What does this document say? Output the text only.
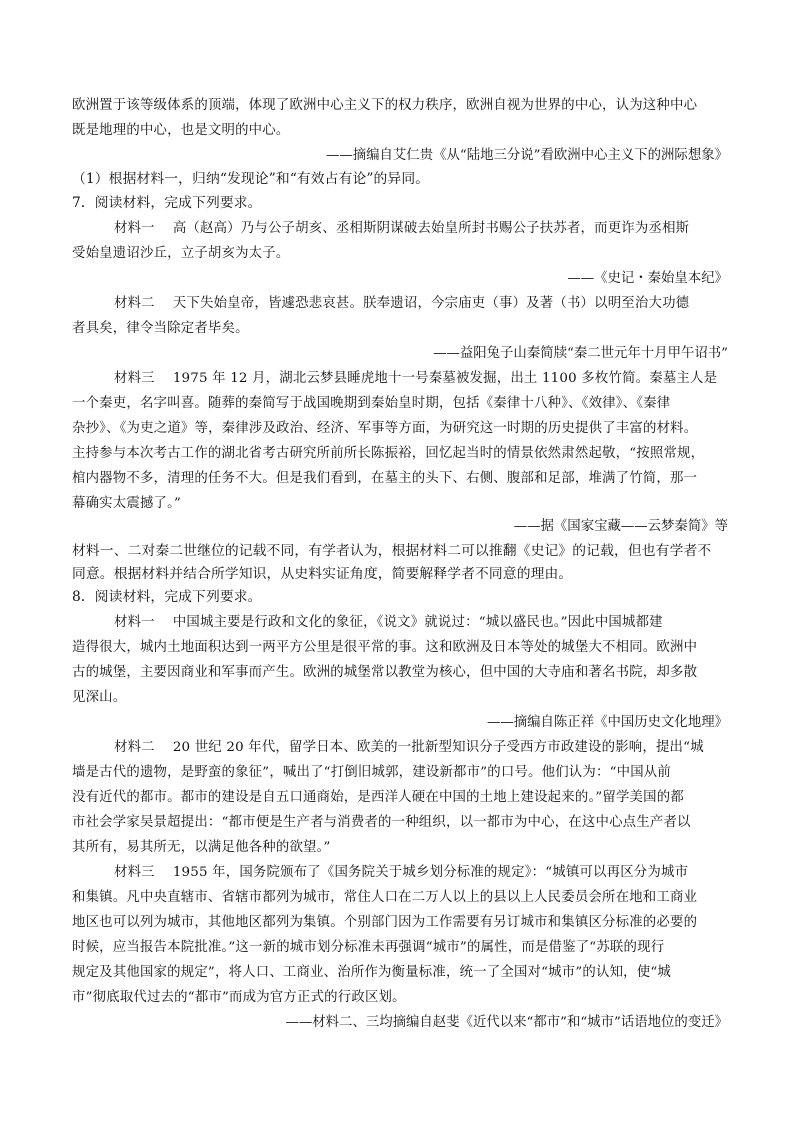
欧洲置于该等级体系的顶端，体现了欧洲中心主义下的权力秩序，欧洲自视为世界的中心，认为这种中心

既是地理的中心，也是文明的中心。

——摘编自艾仁贵《从“陆地三分说”看欧洲中心主义下的洲际想象》

（1）根据材料一，归纳“发现论”和“有效占有论”的异同。

7．阅读材料，完成下列要求。

材料一　 高（赵高）乃与公子胡亥、丞相斯阴谋破去始皇所封书赐公子扶苏者，而更诈为丞相斯

受始皇遗诏沙丘，立子胡亥为太子。

——《史记・秦始皇本纪》

材料二　 天下失始皇帝，皆遽恐悲哀甚。朕奉遗诏，今宗庙吏（事）及著（书）以明至治大功德

者具矣，律令当除定者毕矣。

——益阳兔子山秦简牍“秦二世元年十月甲午诏书”

材料三　 1975 年 12 月，湖北云梦县睡虎地十一号秦墓被发掘，出土 1100 多枚竹简。秦墓主人是

一个秦吏，名字叫喜。随葬的秦简写于战国晚期到秦始皇时期，包括《秦律十八种》、《效律》、《秦律

杂抄》、《为吏之道》等，秦律涉及政治、经济、军事等方面，为研究这一时期的历史提供了丰富的材料。

主持参与本次考古工作的湖北省考古研究所前所长陈振裕，回忆起当时的情景依然肃然起敬，“按照常规，

棺内器物不多，清理的任务不大。但是我们看到，在墓主的头下、右侧、腹部和足部，堆满了竹简，那一

幕确实太震撼了。”

——据《国家宝藏——云梦秦简》等

材料一、二对秦二世继位的记载不同，有学者认为，根据材料二可以推翻《史记》的记载，但也有学者不

同意。根据材料并结合所学知识，从史料实证角度，简要解释学者不同意的理由。

8．阅读材料，完成下列要求。

材料一　 中国城主要是行政和文化的象征，《说文》就说过：“城以盛民也。”因此中国城都建

造得很大，城内土地面积达到一两平方公里是很平常的事。这和欧洲及日本等处的城堡大不相同。欧洲中

古的城堡，主要因商业和军事而产生。欧洲的城堡常以教堂为核心，但中国的大寺庙和著名书院，却多散

见深山。

——摘编自陈正祥《中国历史文化地理》

材料二　 20 世纪 20 年代，留学日本、欧美的一批新型知识分子受西方市政建设的影响，提出“城

墙是古代的遗物，是野蛮的象征”，喊出了“打倒旧城郭，建设新都市”的口号。他们认为：“中国从前

没有近代的都市。都市的建设是自五口通商始，是西洋人硬在中国的土地上建设起来的。”留学美国的都

市社会学家吴景超提出：“都市便是生产者与消费者的一种组织，以一都市为中心，在这中心点生产者以

其所有，易其所无，以满足他各种的欲望。”

材料三　 1955 年，国务院颁布了《国务院关于城乡划分标准的规定》：“城镇可以再区分为城市

和集镇。凡中央直辖市、省辖市都列为城市，常住人口在二万人以上的县以上人民委员会所在地和工商业

地区也可以列为城市，其他地区都列为集镇。个别部门因为工作需要有另订城市和集镇区分标准的必要的

时候，应当报告本院批准。”这一新的城市划分标准未再强调“城市”的属性，而是借鉴了“苏联的现行

规定及其他国家的规定”，将人口、工商业、治所作为衡量标准，统一了全国对“城市”的认知，使“城

市”彻底取代过去的“都市”而成为官方正式的行政区划。

——材料二、三均摘编自赵斐《近代以来“都市”和“城市”话语地位的变迁》
